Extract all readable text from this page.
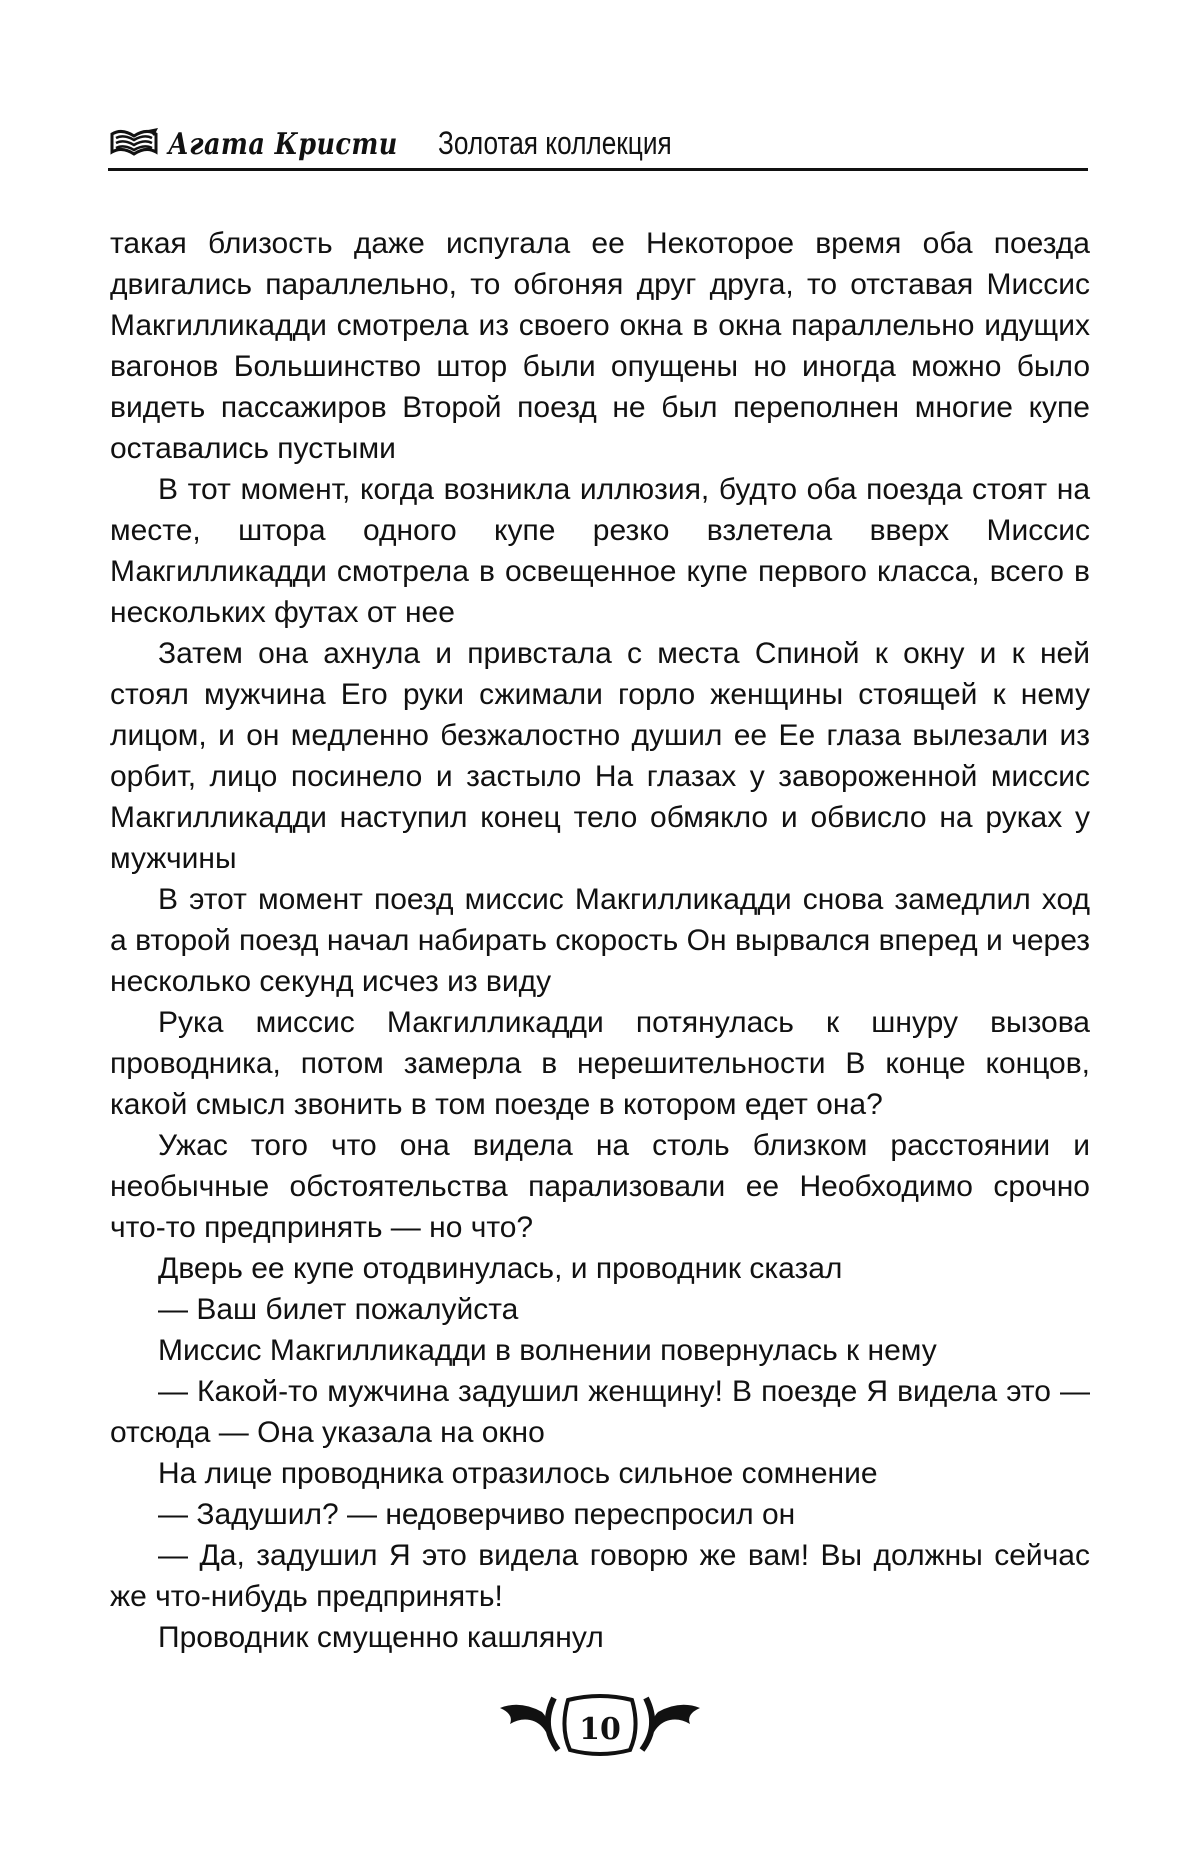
Агата Кристи Золотая коллекция

такая близость даже испугала ее Некоторое время оба поезда двигались параллельно, то обгоняя друг друга, то отставая Миссис Макгилликадди смотрела из своего окна в окна параллельно идущих вагонов Большинство штор были опущены но иногда можно было видеть пассажиров Второй поезд не был переполнен многие купе оставались пустыми

В тот момент, когда возникла иллюзия, будто оба поезда стоят на месте, штора одного купе резко взлетела вверх Миссис Макгилликадди смотрела в освещенное купе первого класса, всего в нескольких футах от нее

Затем она ахнула и привстала с места Спиной к окну и к ней стоял мужчина Его руки сжимали горло женщины стоящей к нему лицом, и он медленно безжалостно душил ее Ее глаза вылезали из орбит, лицо посинело и застыло На глазах у завороженной миссис Макгилликадди наступил конец тело обмякло и обвисло на руках у мужчины

В этот момент поезд миссис Макгилликадди снова замедлил ход а второй поезд начал набирать скорость Он вырвался вперед и через несколько секунд исчез из виду

Рука миссис Макгилликадди потянулась к шнуру вызова проводника, потом замерла в нерешительности В конце концов, какой смысл звонить в том поезде в котором едет она?

Ужас того что она видела на столь близком расстоянии и необычные обстоятельства парализовали ее Необходимо срочно что-то предпринять — но что?

Дверь ее купе отодвинулась, и проводник сказал

— Ваш билет пожалуйста

Миссис Макгилликадди в волнении повернулась к нему

— Какой-то мужчина задушил женщину! В поезде Я видела это — отсюда — Она указала на окно

На лице проводника отразилось сильное сомнение

— Задушил? — недоверчиво переспросил он

— Да, задушил Я это видела говорю же вам! Вы должны сейчас же что-нибудь предпринять!

Проводник смущенно кашлянул

10
